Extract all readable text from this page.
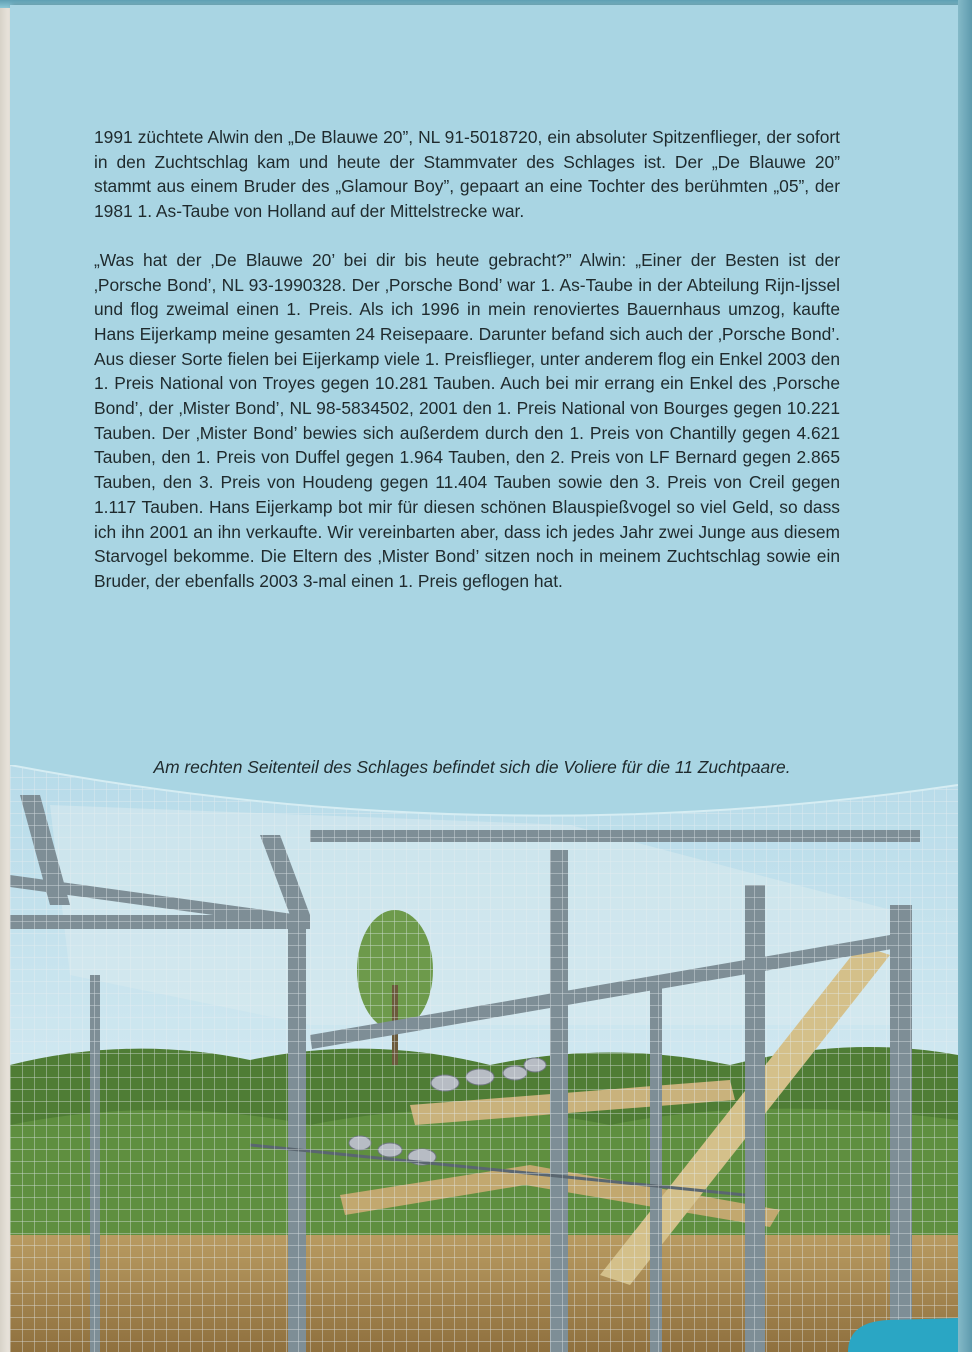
1991 züchtete Alwin den „De Blauwe 20”, NL 91-5018720, ein absoluter Spitzenflieger, der sofort in den Zuchtschlag kam und heute der Stammvater des Schlages ist. Der „De Blauwe 20” stammt aus einem Bruder des „Glamour Boy”, gepaart an eine Tochter des berühmten „05”, der 1981 1. As-Taube von Holland auf der Mittelstrecke war.

„Was hat der ‚De Blauwe 20’ bei dir bis heute gebracht?” Alwin: „Einer der Besten ist der ‚Porsche Bond’, NL 93-1990328. Der ‚Porsche Bond’ war 1. As-Taube in der Abteilung Rijn-Ijssel und flog zweimal einen 1. Preis. Als ich 1996 in mein renoviertes Bauernhaus umzog, kaufte Hans Eijerkamp meine gesamten 24 Reisepaare. Darunter befand sich auch der ‚Porsche Bond’. Aus dieser Sorte fielen bei Eijerkamp viele 1. Preisflieger, unter anderem flog ein Enkel 2003 den 1. Preis National von Troyes gegen 10.281 Tauben. Auch bei mir errang ein Enkel des ‚Porsche Bond’, der ‚Mister Bond’, NL 98-5834502, 2001 den 1. Preis National von Bourges gegen 10.221 Tauben. Der ‚Mister Bond’ bewies sich außerdem durch den 1. Preis von Chantilly gegen 4.621 Tauben, den 1. Preis von Duffel gegen 1.964 Tauben, den 2. Preis von LF Bernard gegen 2.865 Tauben, den 3. Preis von Houdeng gegen 11.404 Tauben sowie den 3. Preis von Creil gegen 1.117 Tauben. Hans Eijerkamp bot mir für diesen schönen Blauspießvogel so viel Geld, so dass ich ihn 2001 an ihn verkaufte. Wir vereinbarten aber, dass ich jedes Jahr zwei Junge aus diesem Starvogel bekomme. Die Eltern des ‚Mister Bond’ sitzen noch in meinem Zuchtschlag sowie ein Bruder, der ebenfalls 2003 3-mal einen 1. Preis geflogen hat.

Am rechten Seitenteil des Schlages befindet sich die Voliere für die 11 Zuchtpaare.
